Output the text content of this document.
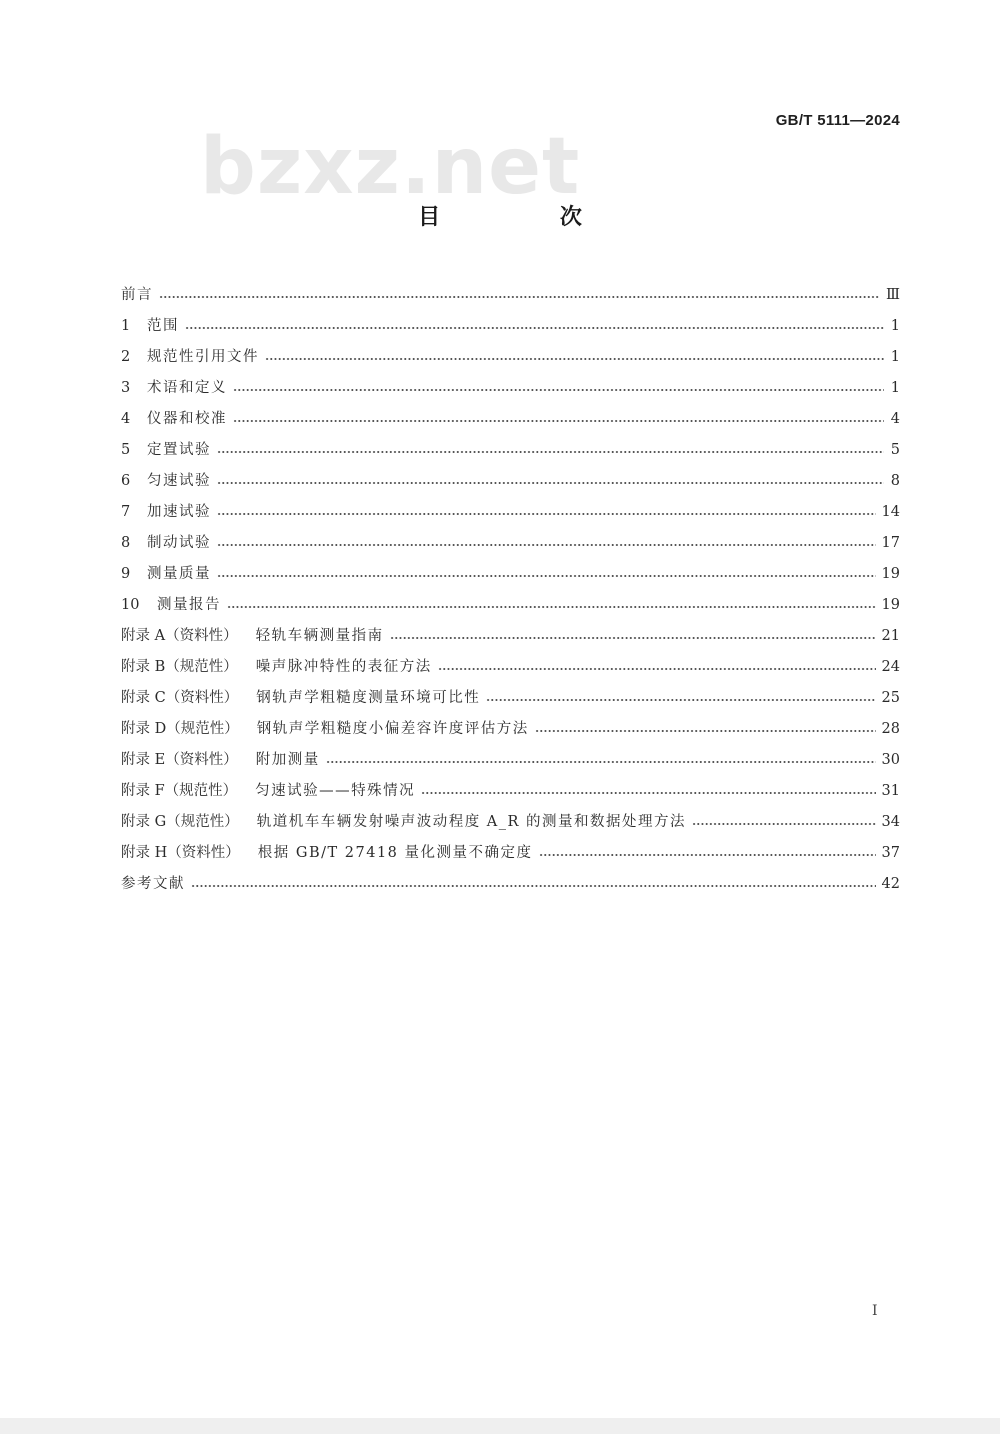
GB/T 5111—2024
bzxz.net
目 次
前言	Ⅲ
1 范围	1
2 规范性引用文件	1
3 术语和定义	1
4 仪器和校准	4
5 定置试验	5
6 匀速试验	8
7 加速试验	14
8 制动试验	17
9 测量质量	19
10 测量报告	19
附录 A（资料性） 轻轨车辆测量指南	21
附录 B（规范性） 噪声脉冲特性的表征方法	24
附录 C（资料性） 钢轨声学粗糙度测量环境可比性	25
附录 D（规范性） 钢轨声学粗糙度小偏差容许度评估方法	28
附录 E（资料性） 附加测量	30
附录 F（规范性） 匀速试验——特殊情况	31
附录 G（规范性） 轨道机车车辆发射噪声波动程度 A_R 的测量和数据处理方法	34
附录 H（资料性） 根据 GB/T 27418 量化测量不确定度	37
参考文献	42
I
